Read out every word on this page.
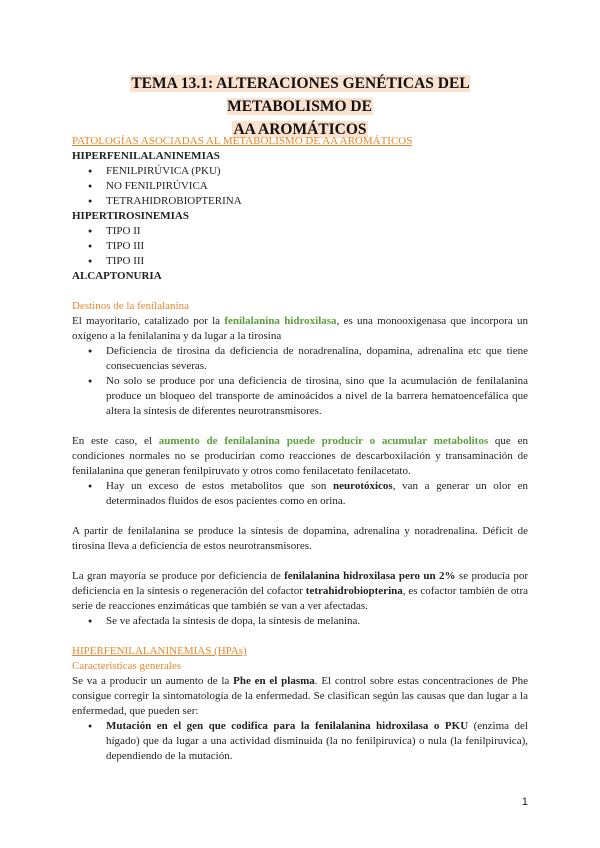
TEMA 13.1: ALTERACIONES GENÉTICAS DEL METABOLISMO DE
AA AROMÁTICOS
PATOLOGÍAS ASOCIADAS AL METABOLISMO DE AA AROMÁTICOS
HIPERFENILALANINEMIAS
● FENILPIRÚVICA (PKU)
● NO FENILPIRÚVICA
● TETRAHIDROBIOPTERINA
HIPERTIROSINEMIAS
● TIPO II
● TIPO III
● TIPO III
ALCAPTONURIA
Destinos de la fenilalanina
El mayoritario, catalizado por la fenilalanina hidroxilasa, es una monooxigenasa que incorpora un oxígeno a la fenilalanina y da lugar a la tirosina
● Deficiencia de tirosina da deficiencia de noradrenalina, dopamina, adrenalina etc que tiene consecuencias severas.
● No solo se produce por una deficiencia de tirosina, sino que la acumulación de fenilalanina produce un bloqueo del transporte de aminoácidos a nivel de la barrera hematoencefálica que altera la síntesis de diferentes neurotransmisores.
En este caso, el aumento de fenilalanina puede producir o acumular metabolitos que en condiciones normales no se producirían como reacciones de descarboxilación y transaminación de fenilalanina que generan fenilpiruvato y otros como fenilacetato fenilacetato.
● Hay un exceso de estos metabolitos que son neurotóxicos, van a generar un olor en determinados fluidos de esos pacientes como en orina.
A partir de fenilalanina se produce la síntesis de dopamina, adrenalina y noradrenalina. Déficit de tirosina lleva a deficiencia de estos neurotransmisores.
La gran mayoría se produce por deficiencia de fenilalanina hidroxilasa pero un 2% se producía por deficiencia en la síntesis o regeneración del cofactor tetrahidrobiopterina, es cofactor también de otra serie de reacciones enzimáticas que también se van a ver afectadas.
● Se ve afectada la síntesis de dopa, la síntesis de melanina.
HIPERFENILALANINEMIAS (HPAs)
Características generales
Se va a producir un aumento de la Phe en el plasma. El control sobre estas concentraciones de Phe consigue corregir la sintomatología de la enfermedad. Se clasifican según las causas que dan lugar a la enfermedad, que pueden ser:
● Mutación en el gen que codifica para la fenilalanina hidroxilasa o PKU (enzima del hígado) que da lugar a una actividad disminuida (la no fenilpiruvica) o nula (la fenilpiruvica), dependiendo de la mutación.
1
